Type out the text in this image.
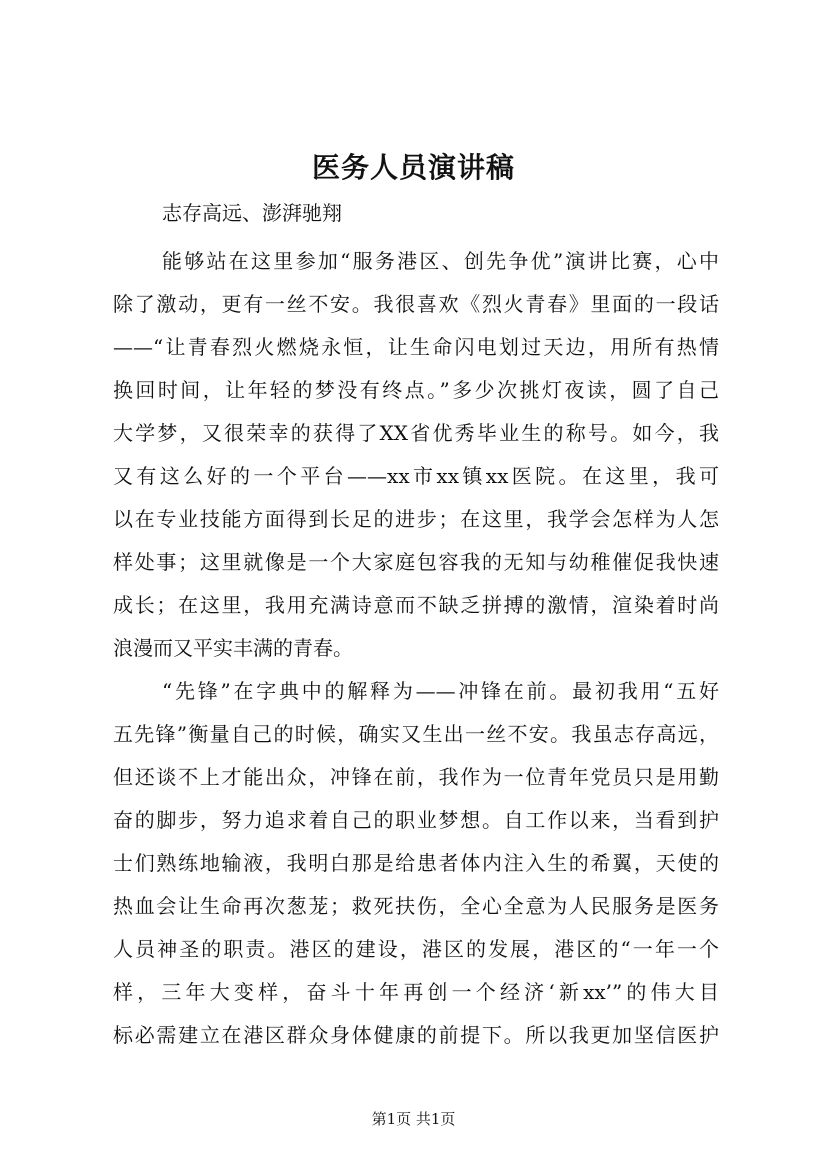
医务人员演讲稿

志存高远、澎湃驰翔

能够站在这里参加“服务港区、创先争优”演讲比赛，心中
除了激动，更有一丝不安。我很喜欢《烈火青春》里面的一段话
——“让青春烈火燃烧永恒，让生命闪电划过天边，用所有热情
换回时间，让年轻的梦没有终点。”多少次挑灯夜读，圆了自己
大学梦，又很荣幸的获得了XX省优秀毕业生的称号。如今，我
又有这么好的一个平台——xx市xx镇xx医院。在这里，我可
以在专业技能方面得到长足的进步；在这里，我学会怎样为人怎
样处事；这里就像是一个大家庭包容我的无知与幼稚催促我快速
成长；在这里，我用充满诗意而不缺乏拼搏的激情，渲染着时尚
浪漫而又平实丰满的青春。
“先锋”在字典中的解释为——冲锋在前。最初我用“五好
五先锋”衡量自己的时候，确实又生出一丝不安。我虽志存高远，
但还谈不上才能出众，冲锋在前，我作为一位青年党员只是用勤
奋的脚步，努力追求着自己的职业梦想。自工作以来，当看到护
士们熟练地输液，我明白那是给患者体内注入生的希翼，天使的
热血会让生命再次葱茏；救死扶伤，全心全意为人民服务是医务
人员神圣的职责。港区的建设，港区的发展，港区的“一年一个
样，三年大变样，奋斗十年再创一个经济‘新xx’”的伟大目
标必需建立在港区群众身体健康的前提下。所以我更加坚信医护
第1页 共1页
